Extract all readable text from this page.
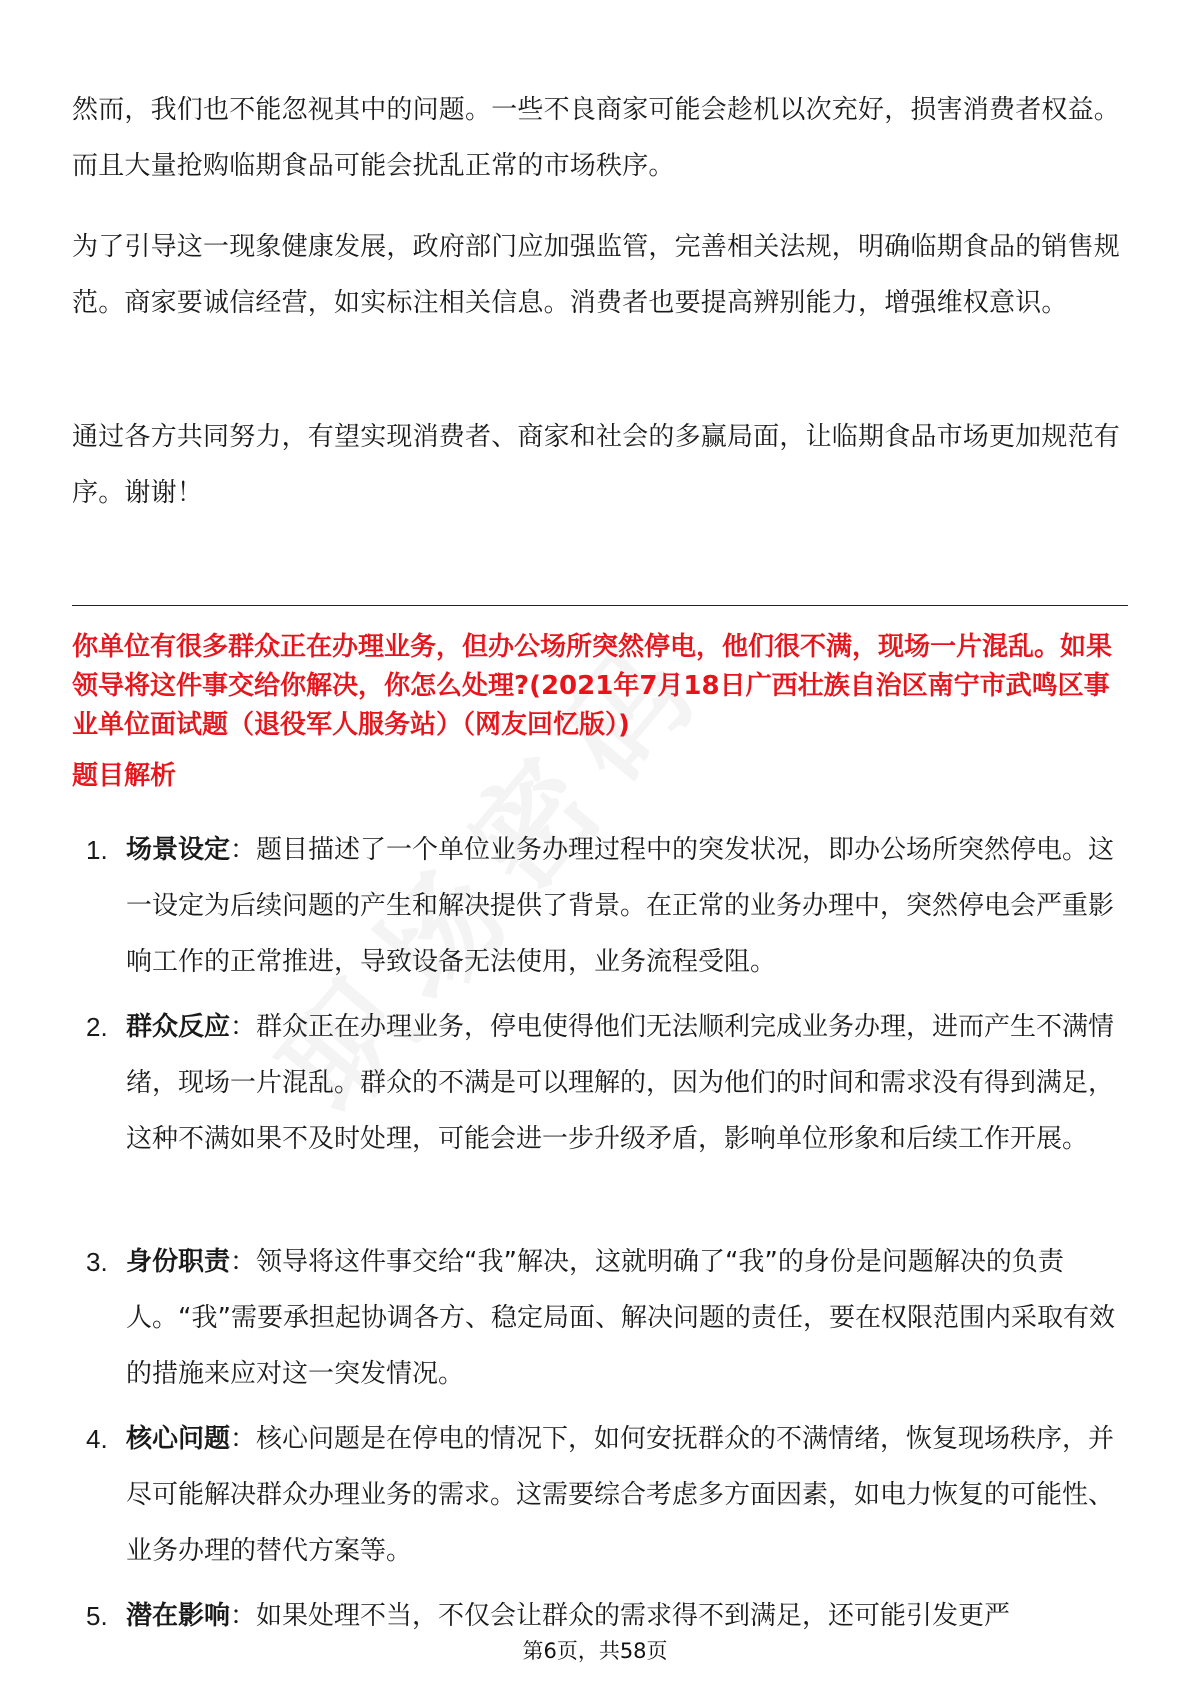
然而，我们也不能忽视其中的问题。一些不良商家可能会趁机以次充好，损害消费者权益。而且大量抢购临期食品可能会扰乱正常的市场秩序。

为了引导这一现象健康发展，政府部门应加强监管，完善相关法规，明确临期食品的销售规范。商家要诚信经营，如实标注相关信息。消费者也要提高辨别能力，增强维权意识。

通过各方共同努力，有望实现消费者、商家和社会的多赢局面，让临期食品市场更加规范有序。谢谢！

你单位有很多群众正在办理业务，但办公场所突然停电，他们很不满，现场一片混乱。如果领导将这件事交给你解决，你怎么处理?(2021年7月18日广西壮族自治区南宁市武鸣区事业单位面试题（退役军人服务站）（网友回忆版）)

题目解析

1. 场景设定：题目描述了一个单位业务办理过程中的突发状况，即办公场所突然停电。这一设定为后续问题的产生和解决提供了背景。在正常的业务办理中，突然停电会严重影响工作的正常推进，导致设备无法使用，业务流程受阻。

2. 群众反应：群众正在办理业务，停电使得他们无法顺利完成业务办理，进而产生不满情绪，现场一片混乱。群众的不满是可以理解的，因为他们的时间和需求没有得到满足，这种不满如果不及时处理，可能会进一步升级矛盾，影响单位形象和后续工作开展。

3. 身份职责：领导将这件事交给“我”解决，这就明确了“我”的身份是问题解决的负责人。“我”需要承担起协调各方、稳定局面、解决问题的责任，要在权限范围内采取有效的措施来应对这一突发情况。

4. 核心问题：核心问题是在停电的情况下，如何安抚群众的不满情绪，恢复现场秩序，并尽可能解决群众办理业务的需求。这需要综合考虑多方面因素，如电力恢复的可能性、业务办理的替代方案等。

5. 潜在影响：如果处理不当，不仅会让群众的需求得不到满足，还可能引发更严

第6页，共58页
